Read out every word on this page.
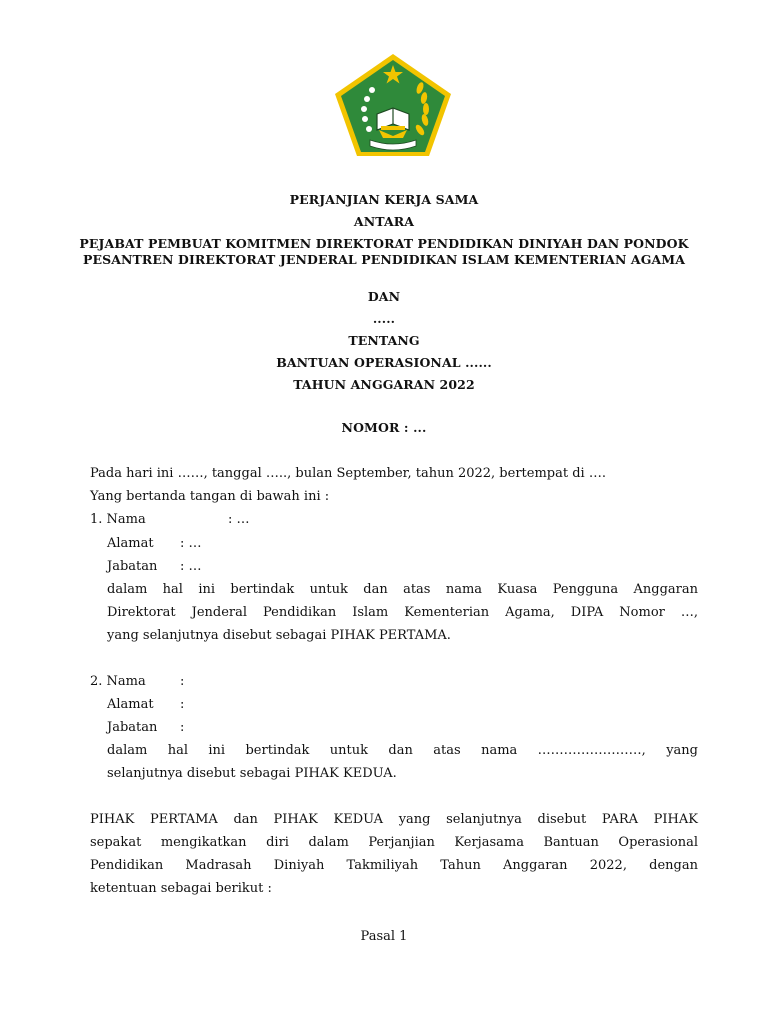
PERJANJIAN KERJA SAMA
ANTARA
PEJABAT PEMBUAT KOMITMEN DIREKTORAT PENDIDIKAN DINIYAH DAN PONDOK PESANTREN DIREKTORAT JENDERAL PENDIDIKAN ISLAM KEMENTERIAN AGAMA
DAN
.....
TENTANG
BANTUAN OPERASIONAL ......
TAHUN ANGGARAN 2022
NOMOR : ...
Pada hari ini ……, tanggal ….., bulan September, tahun 2022, bertempat di ….
Yang bertanda tangan di bawah ini :
1. Nama	: …
Alamat : …
Jabatan : …
dalam hal ini bertindak untuk dan atas nama Kuasa Pengguna Anggaran
Direktorat Jenderal Pendidikan Islam Kementerian Agama, DIPA Nomor …,
yang selanjutnya disebut sebagai PIHAK PERTAMA.
2. Nama	:
Alamat :
Jabatan :
dalam hal ini bertindak untuk dan atas nama ……………………, yang
selanjutnya disebut sebagai PIHAK KEDUA.
PIHAK PERTAMA dan PIHAK KEDUA yang selanjutnya disebut PARA PIHAK
sepakat mengikatkan diri dalam Perjanjian Kerjasama Bantuan Operasional
Pendidikan Madrasah Diniyah Takmiliyah Tahun Anggaran 2022, dengan
ketentuan sebagai berikut :
Pasal 1
